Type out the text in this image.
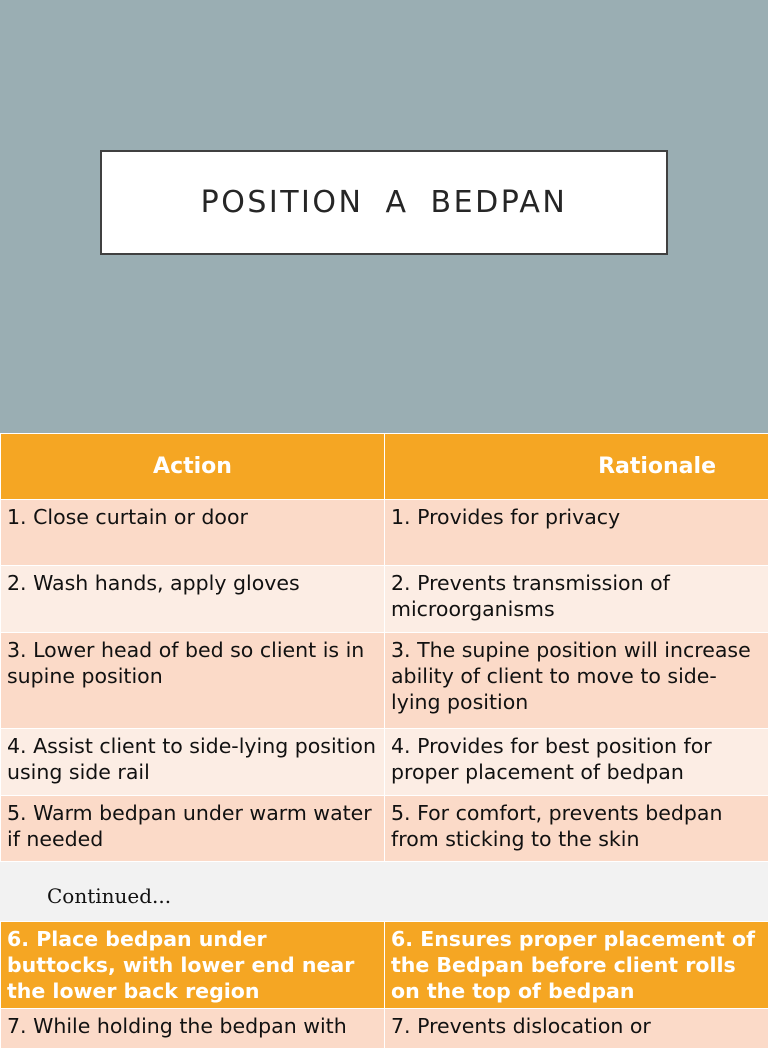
POSITION A BEDPAN
Action	Rationale
1. Close curtain or door	1. Provides for privacy
2. Wash hands, apply gloves	2. Prevents transmission of microorganisms
3. Lower head of bed so client is in supine position	3. The supine position will increase ability of client to move to side-lying position
4. Assist client to side-lying position using side rail	4. Provides for best position for proper placement of bedpan
5. Warm bedpan under warm water if needed	5. For comfort, prevents bedpan from sticking to the skin
Continued...
6. Place bedpan under buttocks, with lower end near the lower back region	6. Ensures proper placement of the Bedpan before client rolls on the top of bedpan
7. While holding the bedpan with	7. Prevents dislocation or
